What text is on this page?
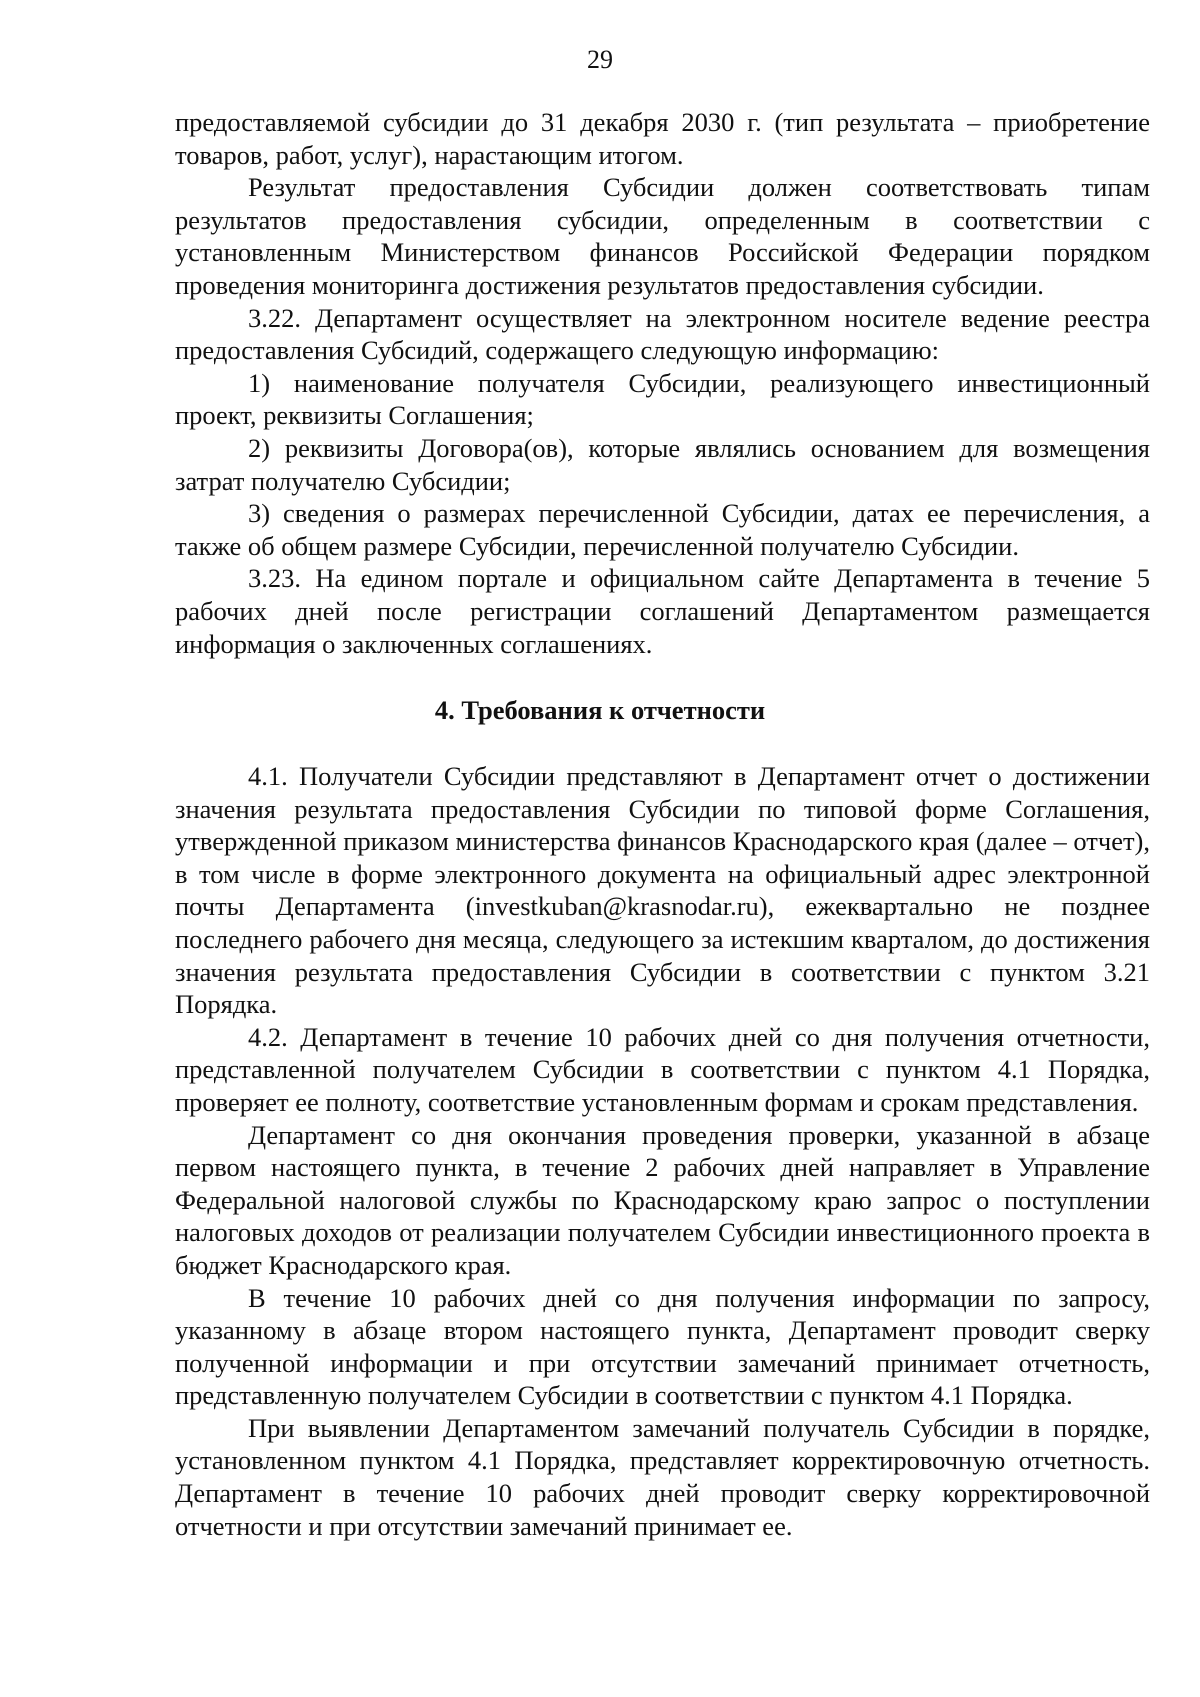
29

предоставляемой субсидии до 31 декабря 2030 г. (тип результата – приобретение товаров, работ, услуг), нарастающим итогом.

Результат предоставления Субсидии должен соответствовать типам результатов предоставления субсидии, определенным в соответствии с установленным Министерством финансов Российской Федерации порядком проведения мониторинга достижения результатов предоставления субсидии.

3.22. Департамент осуществляет на электронном носителе ведение реестра предоставления Субсидий, содержащего следующую информацию:

1) наименование получателя Субсидии, реализующего инвестиционный проект, реквизиты Соглашения;

2) реквизиты Договора(ов), которые являлись основанием для возмещения затрат получателю Субсидии;

3) сведения о размерах перечисленной Субсидии, датах ее перечисления, а также об общем размере Субсидии, перечисленной получателю Субсидии.

3.23. На едином портале и официальном сайте Департамента в течение 5 рабочих дней после регистрации соглашений Департаментом размещается информация о заключенных соглашениях.

4. Требования к отчетности

4.1. Получатели Субсидии представляют в Департамент отчет о достижении значения результата предоставления Субсидии по типовой форме Соглашения, утвержденной приказом министерства финансов Краснодарского края (далее – отчет), в том числе в форме электронного документа на официальный адрес электронной почты Департамента (investkuban@krasnodar.ru), ежеквартально не позднее последнего рабочего дня месяца, следующего за истекшим кварталом, до достижения значения результата предоставления Субсидии в соответствии с пунктом 3.21 Порядка.

4.2. Департамент в течение 10 рабочих дней со дня получения отчетности, представленной получателем Субсидии в соответствии с пунктом 4.1 Порядка, проверяет ее полноту, соответствие установленным формам и срокам представления.

Департамент со дня окончания проведения проверки, указанной в абзаце первом настоящего пункта, в течение 2 рабочих дней направляет в Управление Федеральной налоговой службы по Краснодарскому краю запрос о поступлении налоговых доходов от реализации получателем Субсидии инвестиционного проекта в бюджет Краснодарского края.

В течение 10 рабочих дней со дня получения информации по запросу, указанному в абзаце втором настоящего пункта, Департамент проводит сверку полученной информации и при отсутствии замечаний принимает отчетность, представленную получателем Субсидии в соответствии с пунктом 4.1 Порядка.

При выявлении Департаментом замечаний получатель Субсидии в порядке, установленном пунктом 4.1 Порядка, представляет корректировочную отчетность. Департамент в течение 10 рабочих дней проводит сверку корректировочной отчетности и при отсутствии замечаний принимает ее.
